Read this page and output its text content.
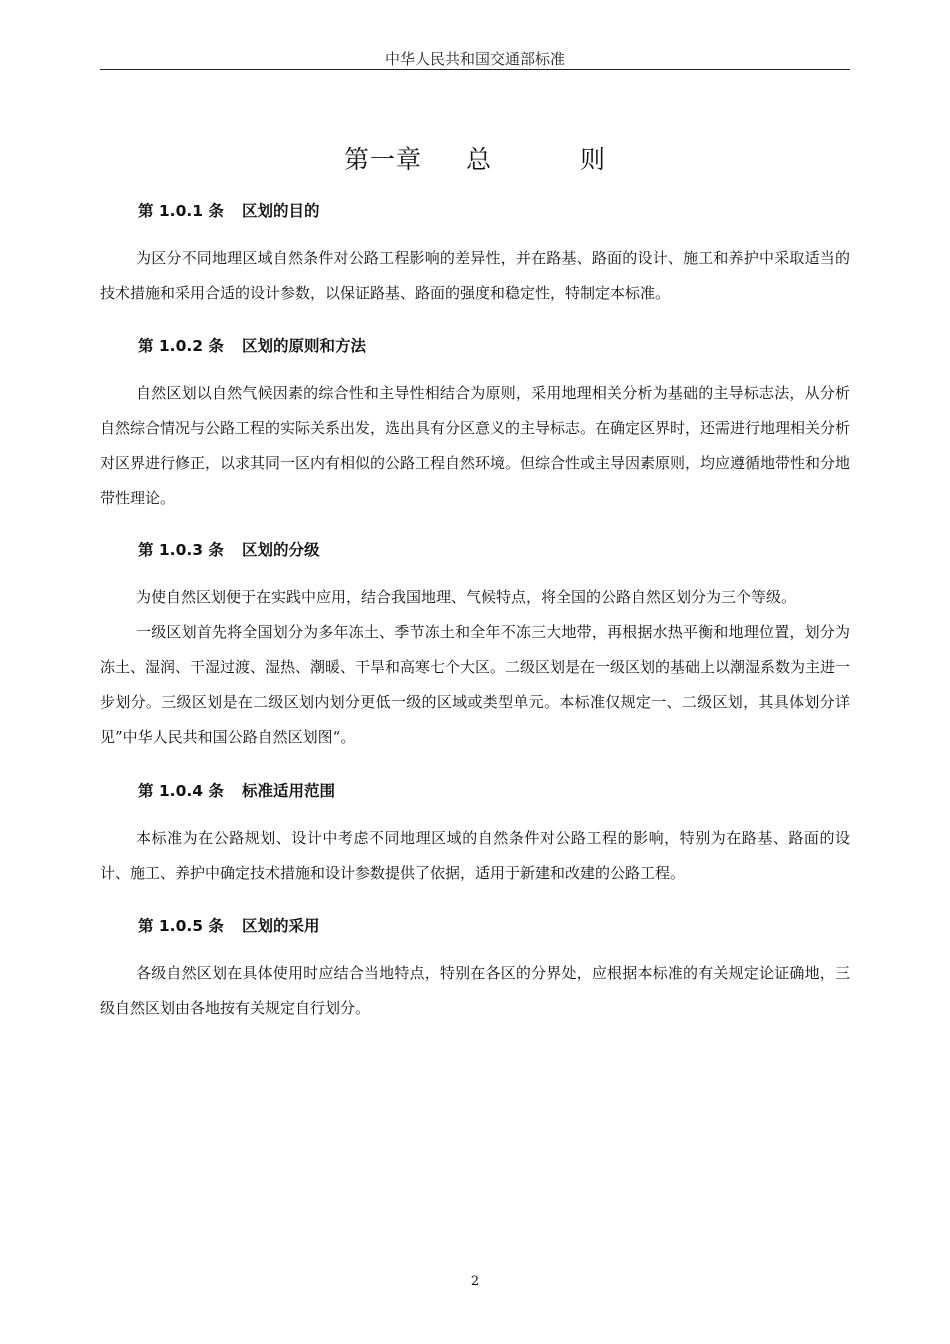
中华人民共和国交通部标准
第一章 总	则
第 1.0.1 条 区划的目的

为区分不同地理区域自然条件对公路工程影响的差异性，并在路基、路面的设计、施工和养护中采取适当的技术措施和采用合适的设计参数，以保证路基、路面的强度和稳定性，特制定本标准。

第 1.0.2 条 区划的原则和方法

自然区划以自然气候因素的综合性和主导性相结合为原则，采用地理相关分析为基础的主导标志法，从分析自然综合情况与公路工程的实际关系出发，选出具有分区意义的主导标志。在确定区界时，还需进行地理相关分析对区界进行修正，以求其同一区内有相似的公路工程自然环境。但综合性或主导因素原则，均应遵循地带性和分地带性理论。

第 1.0.3 条 区划的分级

为使自然区划便于在实践中应用，结合我国地理、气候特点，将全国的公路自然区划分为三个等级。

一级区划首先将全国划分为多年冻土、季节冻土和全年不冻三大地带，再根据水热平衡和地理位置，划分为冻土、湿润、干湿过渡、湿热、潮暖、干旱和高寒七个大区。二级区划是在一级区划的基础上以潮湿系数为主进一步划分。三级区划是在二级区划内划分更低一级的区域或类型单元。本标准仅规定一、二级区划，其具体划分详见”中华人民共和国公路自然区划图“。

第 1.0.4 条 标准适用范围

本标准为在公路规划、设计中考虑不同地理区域的自然条件对公路工程的影响，特别为在路基、路面的设计、施工、养护中确定技术措施和设计参数提供了依据，适用于新建和改建的公路工程。

第 1.0.5 条 区划的采用

各级自然区划在具体使用时应结合当地特点，特别在各区的分界处，应根据本标准的有关规定论证确地，三级自然区划由各地按有关规定自行划分。

2
